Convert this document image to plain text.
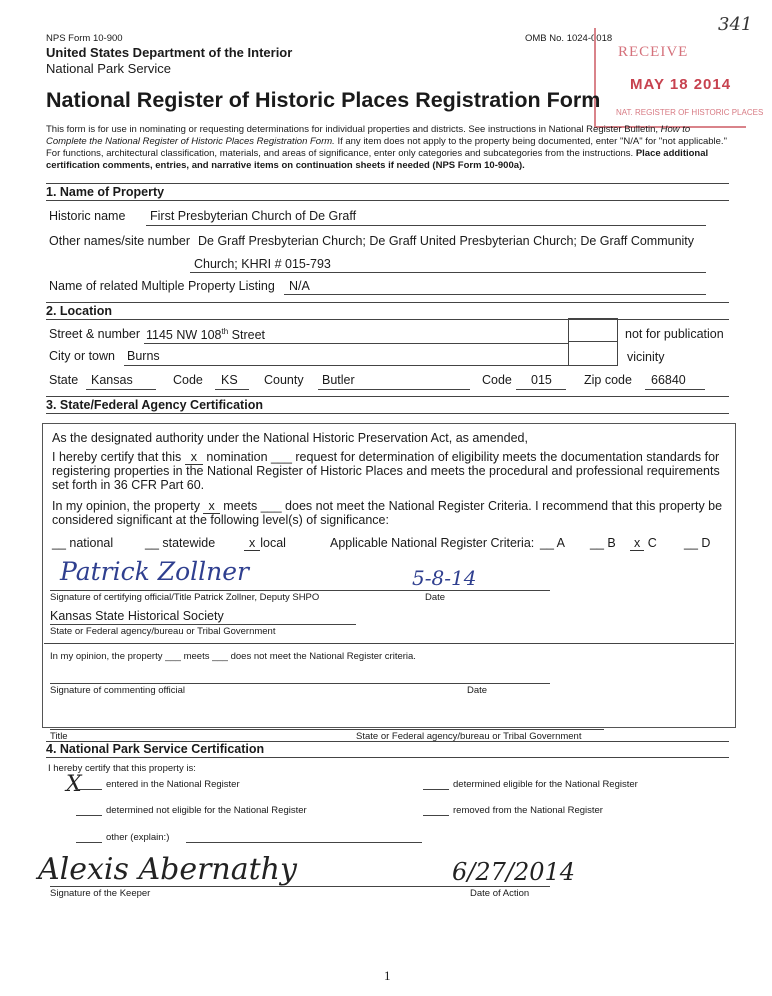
NPS Form 10-900
United States Department of the Interior
National Park Service
OMB No. 1024-0018
341
RECEIVE
MAY 18 2014
NAT. REGISTER OF HISTORIC PLACES
National Register of Historic Places Registration Form
This form is for use in nominating or requesting determinations for individual properties and districts. See instructions in National Register Bulletin, How to Complete the National Register of Historic Places Registration Form. If any item does not apply to the property being documented, enter "N/A" for "not applicable." For functions, architectural classification, materials, and areas of significance, enter only categories and subcategories from the instructions. Place additional certification comments, entries, and narrative items on continuation sheets if needed (NPS Form 10-900a).
1. Name of Property
Historic name First Presbyterian Church of De Graff
Other names/site number De Graff Presbyterian Church; De Graff United Presbyterian Church; De Graff Community
Church; KHRI # 015-793
Name of related Multiple Property Listing N/A
2. Location
Street & number 1145 NW 108th Street	not for publication
City or town Burns	vicinity
State Kansas	Code KS County Butler	Code 015	Zip code 66840
3. State/Federal Agency Certification
As the designated authority under the National Historic Preservation Act, as amended,
I hereby certify that this x nomination ___ request for determination of eligibility meets the documentation standards for registering properties in the National Register of Historic Places and meets the procedural and professional requirements set forth in 36 CFR Part 60.
In my opinion, the property x meets ___ does not meet the National Register Criteria. I recommend that this property be considered significant at the following level(s) of significance:
__ national	__ statewide	x local	Applicable National Register Criteria: __ A __ B	x C __ D
Patrick Zollner	5-8-14
Signature of certifying official/Title Patrick Zollner, Deputy SHPO	Date
Kansas State Historical Society
State or Federal agency/bureau or Tribal Government
In my opinion, the property ___ meets ___ does not meet the National Register criteria.
Signature of commenting official	Date
Title	State or Federal agency/bureau or Tribal Government
4. National Park Service Certification
I hereby certify that this property is:
X	entered in the National Register	determined eligible for the National Register
determined not eligible for the National Register	removed from the National Register
other (explain:)
Alexis Abernathy	6/27/2014
Signature of the Keeper	Date of Action
1
